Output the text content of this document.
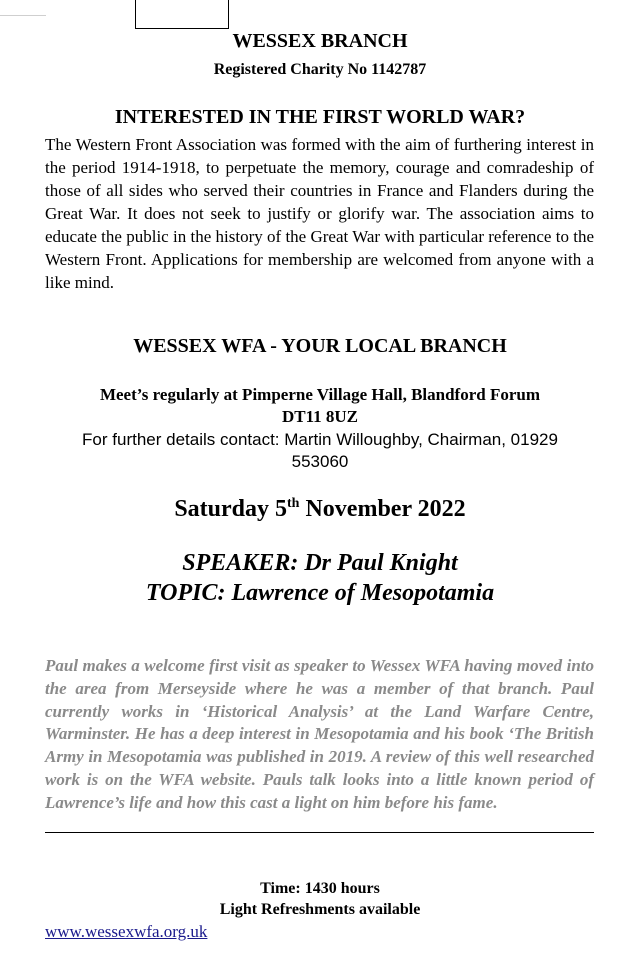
WESSEX BRANCH
Registered Charity No 1142787
INTERESTED IN THE FIRST WORLD WAR?
The Western Front Association was formed with the aim of furthering interest in the period 1914-1918, to perpetuate the memory, courage and comradeship of those of all sides who served their countries in France and Flanders during the Great War. It does not seek to justify or glorify war. The association aims to educate the public in the history of the Great War with particular reference to the Western Front. Applications for membership are welcomed from anyone with a like mind.
WESSEX WFA - YOUR LOCAL BRANCH
Meet’s regularly at Pimperne Village Hall, Blandford Forum
DT11 8UZ
For further details contact: Martin Willoughby, Chairman, 01929 553060
Saturday 5th November 2022
SPEAKER: Dr Paul Knight
TOPIC: Lawrence of Mesopotamia
Paul makes a welcome first visit as speaker to Wessex WFA having moved into the area from Merseyside where he was a member of that branch. Paul currently works in ‘Historical Analysis’ at the Land Warfare Centre, Warminster. He has a deep interest in Mesopotamia and his book ‘The British Army in Mesopotamia was published in 2019. A review of this well researched work is on the WFA website. Pauls talk looks into a little known period of Lawrence’s life and how this cast a light on him before his fame.
Time: 1430 hours
Light Refreshments available
www.wessexwfa.org.uk
